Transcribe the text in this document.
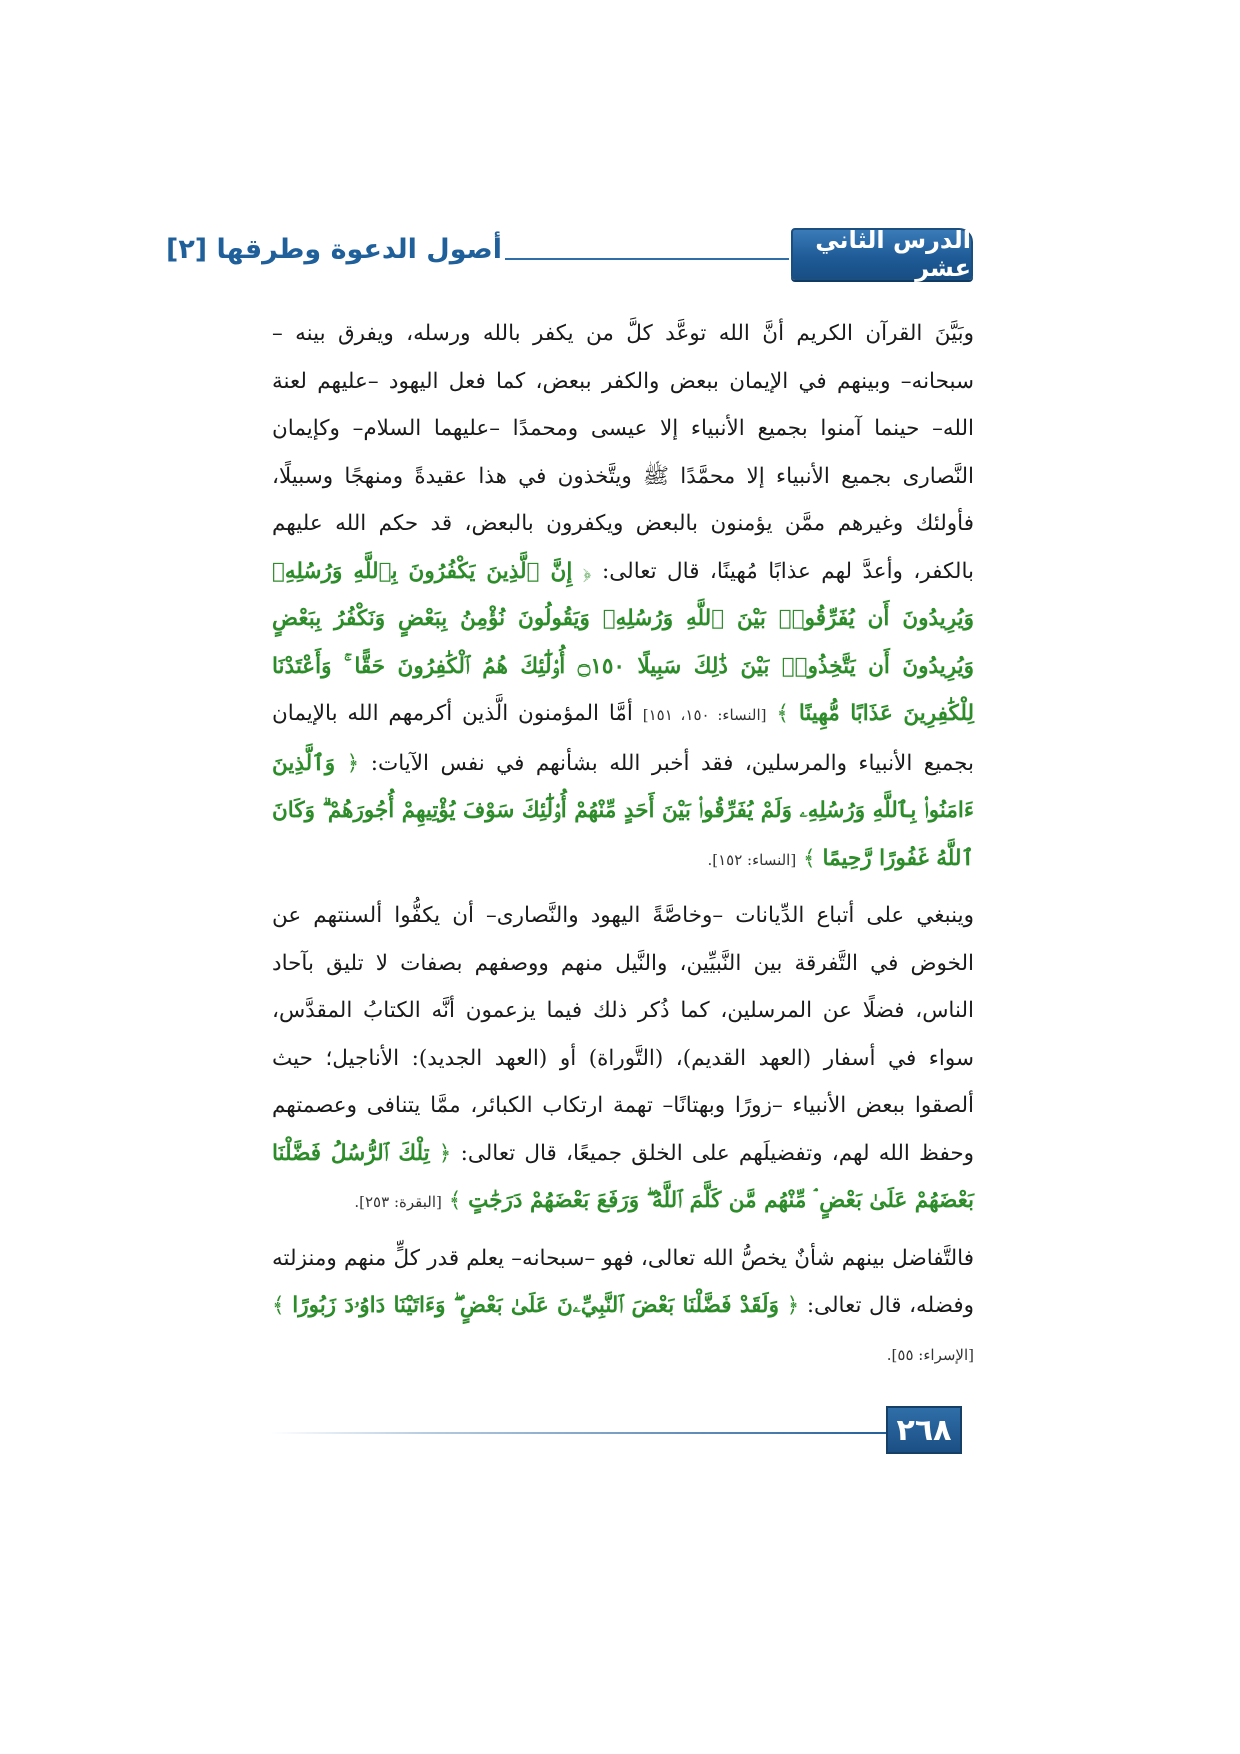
الدرس الثاني عشر
أصول الدعوة وطرقها [٢]

وبَيَّنَ القرآن الكريم أنَّ الله توعَّد كلَّ من يكفر بالله ورسله، ويفرق بينه –سبحانه– وبينهم في الإيمان ببعض والكفر ببعض، كما فعل اليهود –عليهم لعنة الله– حينما آمنوا بجميع الأنبياء إلا عيسى ومحمدًا –عليهما السلام– وكإيمان النَّصارى بجميع الأنبياء إلا محمَّدًا ﷺ ويتَّخذون في هذا عقيدةً ومنهجًا وسبيلًا، فأولئك وغيرهم ممَّن يؤمنون بالبعض ويكفرون بالبعض، قد حكم الله عليهم بالكفر، وأعدَّ لهم عذابًا مُهينًا، قال تعالى: ﴿ إِنَّ ٱلَّذِينَ يَكْفُرُونَ بِٱللَّهِ وَرُسُلِهِۦ وَيُرِيدُونَ أَن يُفَرِّقُوا۟ بَيْنَ ٱللَّهِ وَرُسُلِهِۦ وَيَقُولُونَ نُؤْمِنُ بِبَعْضٍ وَنَكْفُرُ بِبَعْضٍ وَيُرِيدُونَ أَن يَتَّخِذُوا۟ بَيْنَ ذَٰلِكَ سَبِيلًا ۝١٥٠ أُو۟لَٰٓئِكَ هُمُ ٱلْكَٰفِرُونَ حَقًّا ۚ وَأَعْتَدْنَا لِلْكَٰفِرِينَ عَذَابًا مُّهِينًا ﴾ [النساء: ١٥٠، ١٥١] أمَّا المؤمنون الَّذين أكرمهم الله بالإيمان بجميع الأنبياء والمرسلين، فقد أخبر الله بشأنهم في نفس الآيات: ﴿ وَٱلَّذِينَ ءَامَنُوا۟ بِٱللَّهِ وَرُسُلِهِۦ وَلَمْ يُفَرِّقُوا۟ بَيْنَ أَحَدٍ مِّنْهُمْ أُو۟لَٰٓئِكَ سَوْفَ يُؤْتِيهِمْ أُجُورَهُمْ ۗ وَكَانَ ٱللَّهُ غَفُورًا رَّحِيمًا ﴾ [النساء: ١٥٢].

وينبغي على أتباع الدِّيانات –وخاصَّةً اليهود والنَّصارى– أن يكفُّوا ألسنتهم عن الخوض في التَّفرقة بين النَّبيِّين، والنَّيل منهم ووصفهم بصفات لا تليق بآحاد الناس، فضلًا عن المرسلين، كما ذُكر ذلك فيما يزعمون أنَّه الكتابُ المقدَّس، سواء في أسفار (العهد القديم)، (التَّوراة) أو (العهد الجديد): الأناجيل؛ حيث ألصقوا ببعض الأنبياء –زورًا وبهتانًا– تهمة ارتكاب الكبائر، ممَّا يتنافى وعصمتهم وحفظ الله لهم، وتفضيلَهم على الخلق جميعًا، قال تعالى: ﴿ تِلْكَ ٱلرُّسُلُ فَضَّلْنَا بَعْضَهُمْ عَلَىٰ بَعْضٍ ۘ مِّنْهُم مَّن كَلَّمَ ٱللَّهُ ۖ وَرَفَعَ بَعْضَهُمْ دَرَجَٰتٍ ﴾ [البقرة: ٢٥٣].

فالتَّفاضل بينهم شأنٌ يخصُّ الله تعالى، فهو –سبحانه– يعلم قدر كلٍّ منهم ومنزلته وفضله، قال تعالى: ﴿ وَلَقَدْ فَضَّلْنَا بَعْضَ ٱلنَّبِيِّۦنَ عَلَىٰ بَعْضٍ ۖ وَءَاتَيْنَا دَاوُۥدَ زَبُورًا ﴾ [الإسراء: ٥٥].

٢٦٨
